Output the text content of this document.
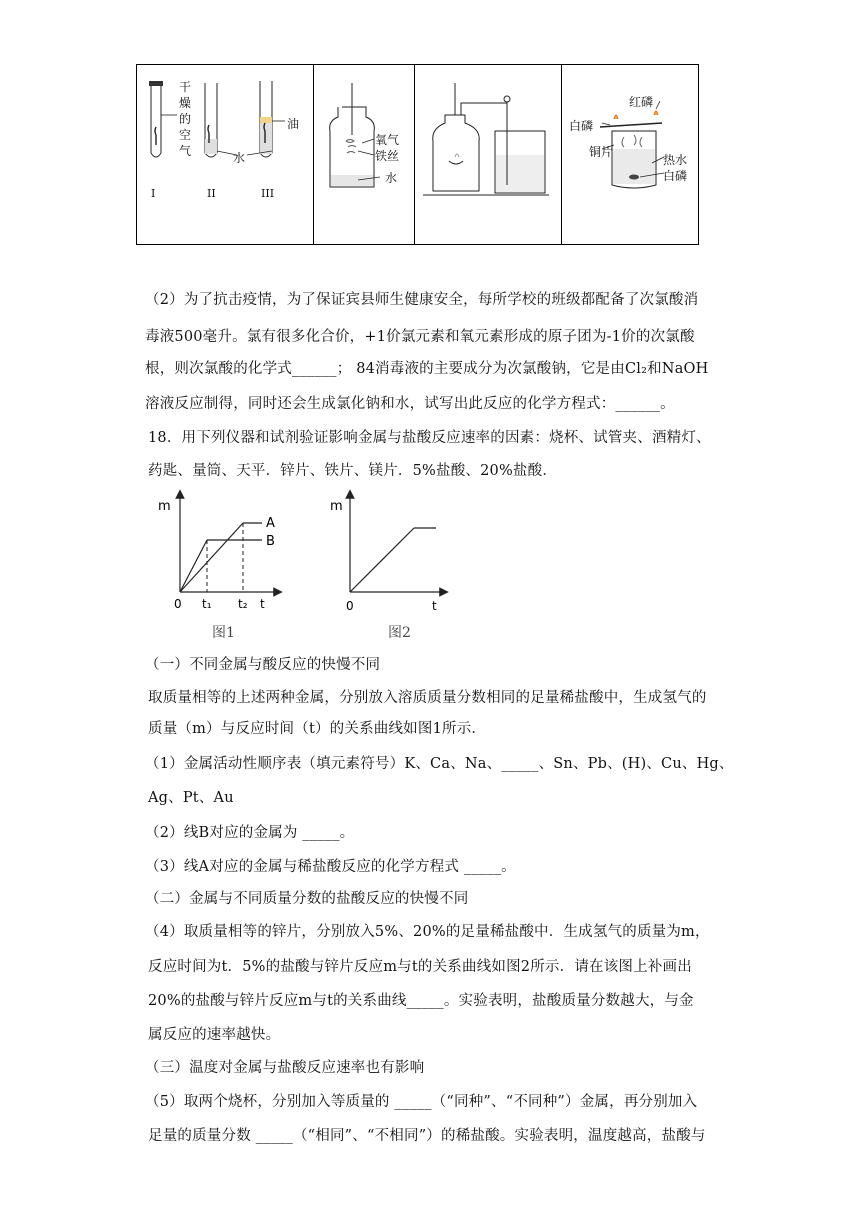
干
燥
的
空
气
油
水
I	II	III
氧气
铁丝
水
红磷
白磷
铜片
热水
白磷
（2）为了抗击疫情，为了保证宾县师生健康安全，每所学校的班级都配备了次氯酸消
毒液500毫升。氯有很多化合价，+1价氯元素和氧元素形成的原子团为-1价的次氯酸
根，则次氯酸的化学式______； 84消毒液的主要成分为次氯酸钠，它是由Cl₂和NaOH
溶液反应制得，同时还会生成氯化钠和水，试写出此反应的化学方程式：______。
18．用下列仪器和试剂验证影响金属与盐酸反应速率的因素：烧杯、试管夹、酒精灯、
药匙、量筒、天平．锌片、铁片、镁片．5%盐酸、20%盐酸．
m
A
B
0 t₁ t₂ t
图1
m
0	t
图2
（一）不同金属与酸反应的快慢不同
取质量相等的上述两种金属，分别放入溶质质量分数相同的足量稀盐酸中，生成氢气的
质量（m）与反应时间（t）的关系曲线如图1所示．
（1）金属活动性顺序表（填元素符号）K、Ca、Na、_____、Sn、Pb、(H)、Cu、Hg、
Ag、Pt、Au
（2）线B对应的金属为 _____。
（3）线A对应的金属与稀盐酸反应的化学方程式 _____。
（二）金属与不同质量分数的盐酸反应的快慢不同
（4）取质量相等的锌片，分别放入5%、20%的足量稀盐酸中．生成氢气的质量为m，
反应时间为t．5%的盐酸与锌片反应m与t的关系曲线如图2所示．请在该图上补画出
20%的盐酸与锌片反应m与t的关系曲线_____。实验表明，盐酸质量分数越大，与金
属反应的速率越快。
（三）温度对金属与盐酸反应速率也有影响
（5）取两个烧杯，分别加入等质量的 _____（“同种”、“不同种”）金属，再分别加入
足量的质量分数 _____（“相同”、“不相同”）的稀盐酸。实验表明，温度越高，盐酸与
